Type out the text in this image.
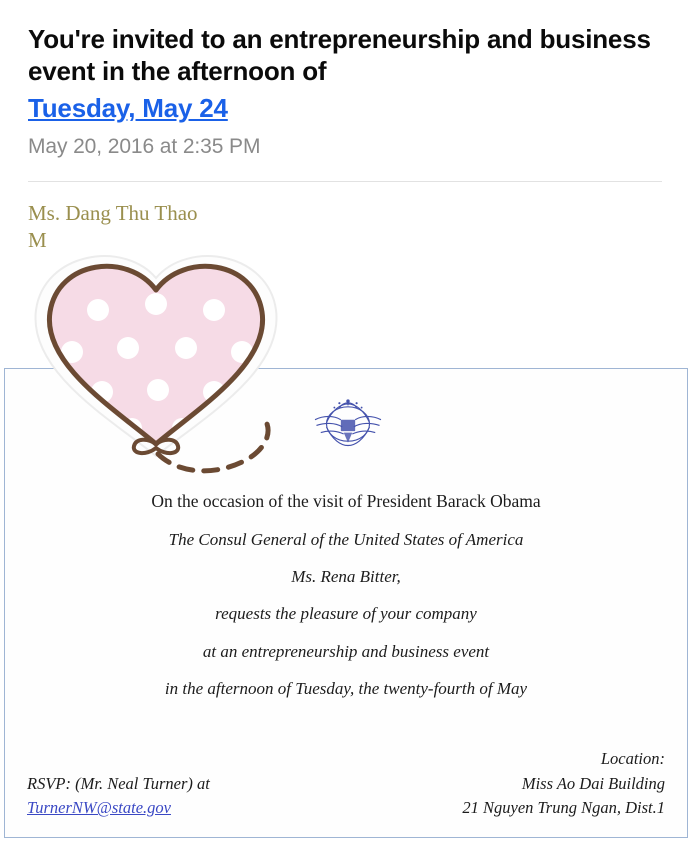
You're invited to an entrepreneurship and business event in the afternoon of
Tuesday, May 24
May 20, 2016 at 2:35 PM
Ms. Dang Thu Thao
M
On the occasion of the visit of President Barack Obama
The Consul General of the United States of America
Ms. Rena Bitter,
requests the pleasure of your company
at an entrepreneurship and business event
in the afternoon of Tuesday, the twenty-fourth of May
RSVP: (Mr. Neal Turner) at
TurnerNW@state.gov
Location:
Miss Ao Dai Building
21 Nguyen Trung Ngan, Dist.1
